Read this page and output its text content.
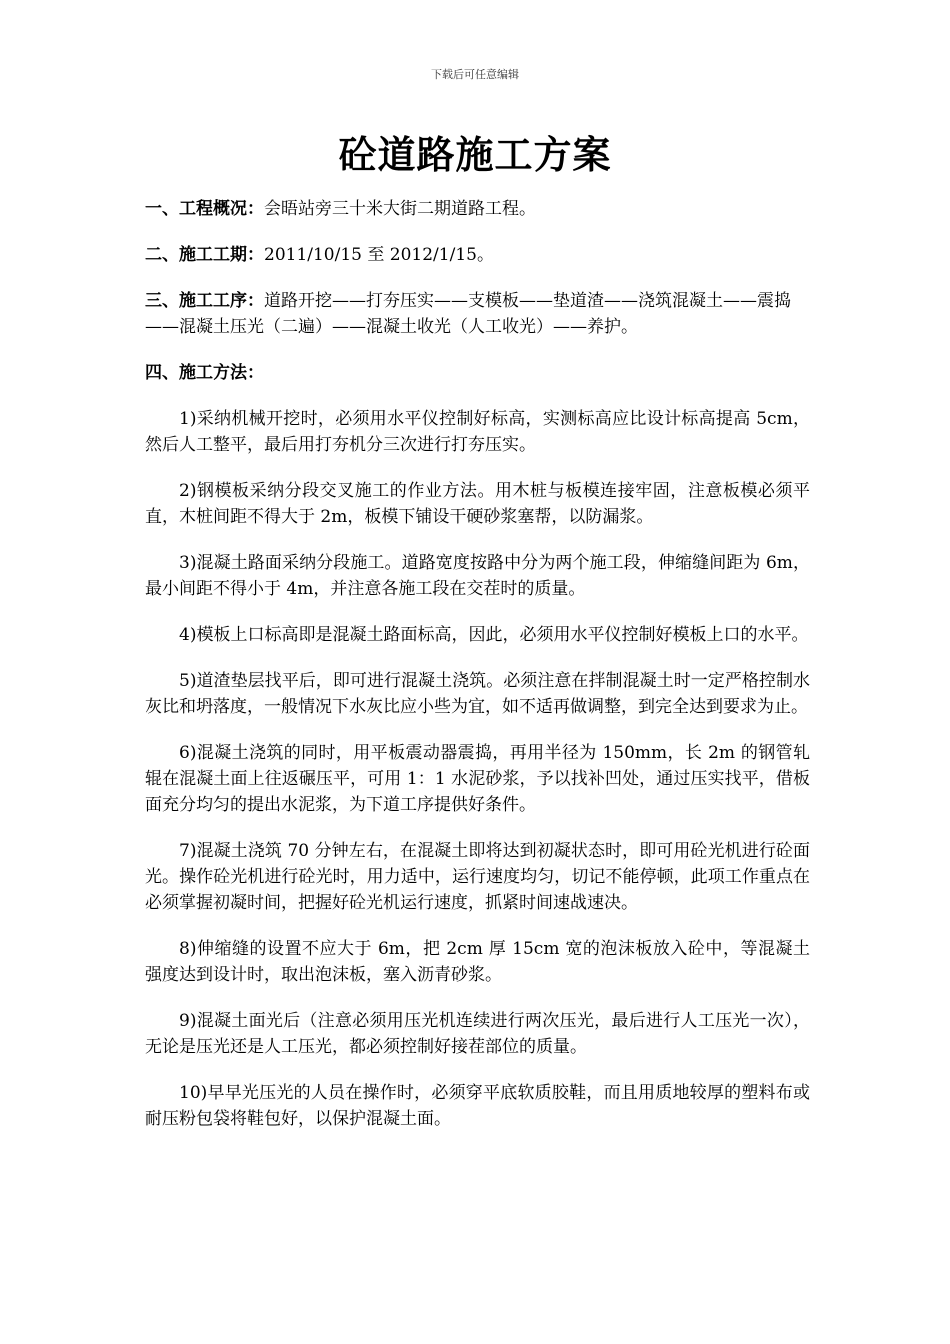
下载后可任意编辑
砼道路施工方案
一、工程概况：会晤站旁三十米大街二期道路工程。
二、施工工期：2011/10/15 至 2012/1/15。
三、施工工序：道路开挖——打夯压实——支模板——垫道渣——浇筑混凝土——震捣——混凝土压光（二遍）——混凝土收光（人工收光）——养护。
四、施工方法：

1)采纳机械开挖时，必须用水平仪控制好标高，实测标高应比设计标高提高 5cm，然后人工整平，最后用打夯机分三次进行打夯压实。

2)钢模板采纳分段交叉施工的作业方法。用木桩与板模连接牢固，注意板模必须平直，木桩间距不得大于 2m，板模下铺设干硬砂浆塞帮，以防漏浆。

3)混凝土路面采纳分段施工。道路宽度按路中分为两个施工段，伸缩缝间距为 6m，最小间距不得小于 4m，并注意各施工段在交茬时的质量。

4)模板上口标高即是混凝土路面标高，因此，必须用水平仪控制好模板上口的水平。

5)道渣垫层找平后，即可进行混凝土浇筑。必须注意在拌制混凝土时一定严格控制水灰比和坍落度，一般情况下水灰比应小些为宜，如不适再做调整，到完全达到要求为止。

6)混凝土浇筑的同时，用平板震动器震捣，再用半径为 150mm，长 2m 的钢管轧辊在混凝土面上往返碾压平，可用 1：1 水泥砂浆，予以找补凹处，通过压实找平，借板面充分均匀的提出水泥浆，为下道工序提供好条件。

7)混凝土浇筑 70 分钟左右，在混凝土即将达到初凝状态时，即可用砼光机进行砼面光。操作砼光机进行砼光时，用力适中，运行速度均匀，切记不能停顿，此项工作重点在必须掌握初凝时间，把握好砼光机运行速度，抓紧时间速战速决。

8)伸缩缝的设置不应大于 6m，把 2cm 厚 15cm 宽的泡沫板放入砼中，等混凝土强度达到设计时，取出泡沫板，塞入沥青砂浆。

9)混凝土面光后（注意必须用压光机连续进行两次压光，最后进行人工压光一次），无论是压光还是人工压光，都必须控制好接茬部位的质量。

10)早早光压光的人员在操作时，必须穿平底软质胶鞋，而且用质地较厚的塑料布或耐压粉包袋将鞋包好，以保护混凝土面。
